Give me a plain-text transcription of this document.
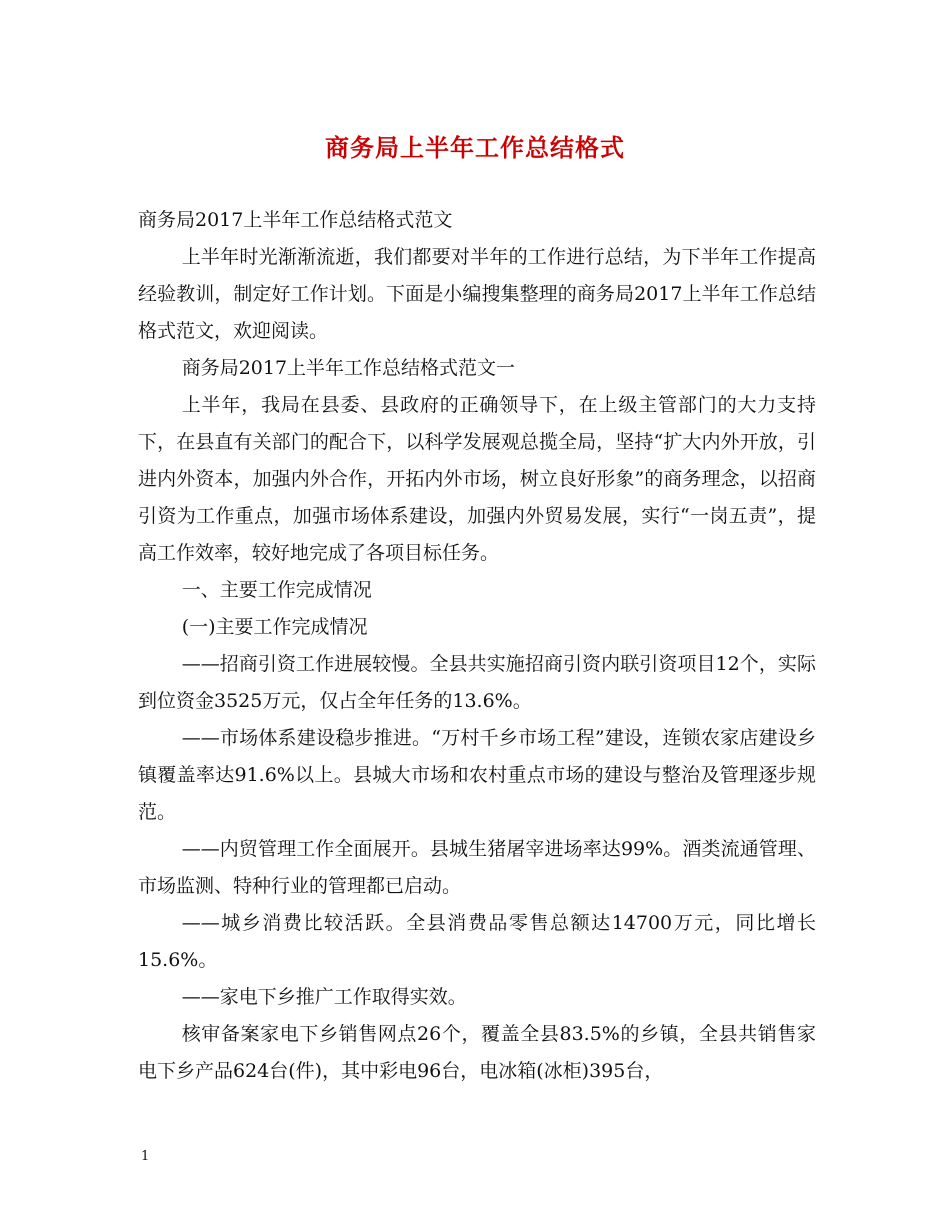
商务局上半年工作总结格式

商务局2017上半年工作总结格式范文

上半年时光渐渐流逝，我们都要对半年的工作进行总结，为下半年工作提高经验教训，制定好工作计划。下面是小编搜集整理的商务局2017上半年工作总结格式范文，欢迎阅读。

商务局2017上半年工作总结格式范文一

上半年，我局在县委、县政府的正确领导下，在上级主管部门的大力支持下，在县直有关部门的配合下，以科学发展观总揽全局，坚持“扩大内外开放，引进内外资本，加强内外合作，开拓内外市场，树立良好形象”的商务理念，以招商引资为工作重点，加强市场体系建设，加强内外贸易发展，实行“一岗五责”，提高工作效率，较好地完成了各项目标任务。

一、主要工作完成情况

(一)主要工作完成情况

——招商引资工作进展较慢。全县共实施招商引资内联引资项目12个，实际到位资金3525万元，仅占全年任务的13.6%。

——市场体系建设稳步推进。“万村千乡市场工程”建设，连锁农家店建设乡镇覆盖率达91.6%以上。县城大市场和农村重点市场的建设与整治及管理逐步规范。

——内贸管理工作全面展开。县城生猪屠宰进场率达99%。酒类流通管理、市场监测、特种行业的管理都已启动。

——城乡消费比较活跃。全县消费品零售总额达14700万元，同比增长15.6%。

——家电下乡推广工作取得实效。

核审备案家电下乡销售网点26个，覆盖全县83.5%的乡镇，全县共销售家电下乡产品624台(件)，其中彩电96台，电冰箱(冰柜)395台，

1
